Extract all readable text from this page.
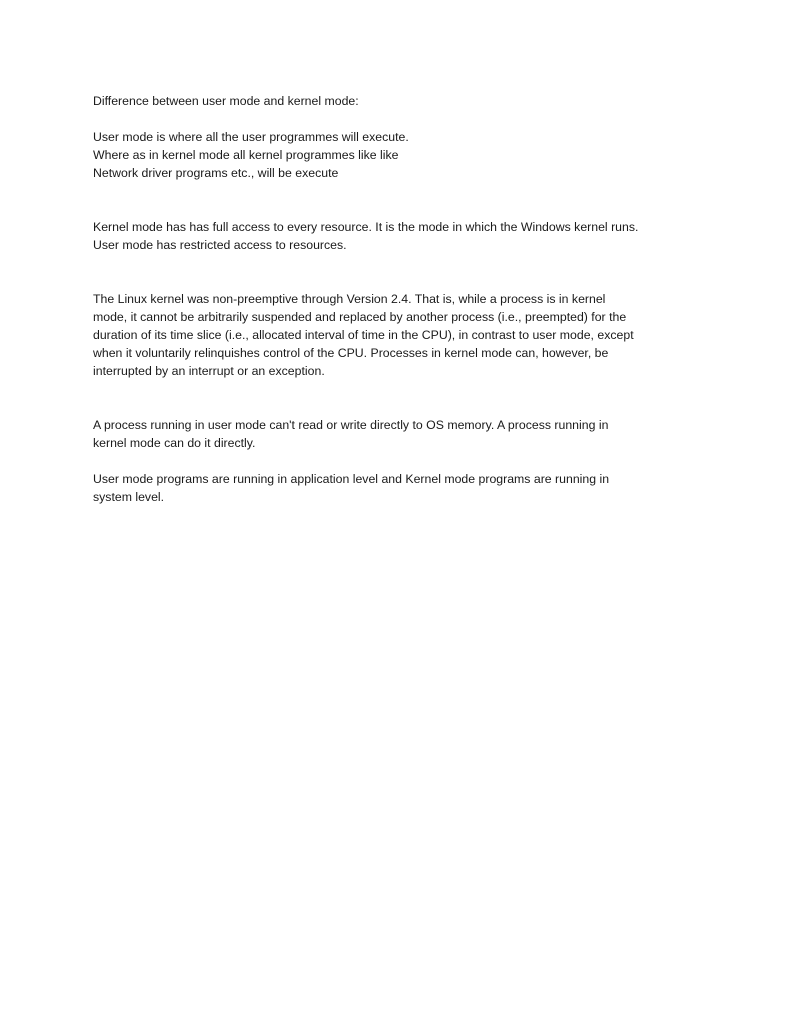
Difference between user mode and kernel mode:
User mode is where all the user programmes will execute.
Where as in kernel mode all kernel programmes like like
Network driver programs etc., will be execute
Kernel mode has has full access to every resource. It is the mode in which the Windows kernel runs.
User mode has restricted access to resources.
The Linux kernel was non-preemptive through Version 2.4. That is, while a process is in kernel
mode, it cannot be arbitrarily suspended and replaced by another process (i.e., preempted) for the
duration of its time slice (i.e., allocated interval of time in the CPU), in contrast to user mode, except
when it voluntarily relinquishes control of the CPU. Processes in kernel mode can, however, be
interrupted by an interrupt or an exception.
A process running in user mode can't read or write directly to OS memory. A process running in
kernel mode can do it directly.
User mode programs are running in application level and Kernel mode programs are running in
system level.
